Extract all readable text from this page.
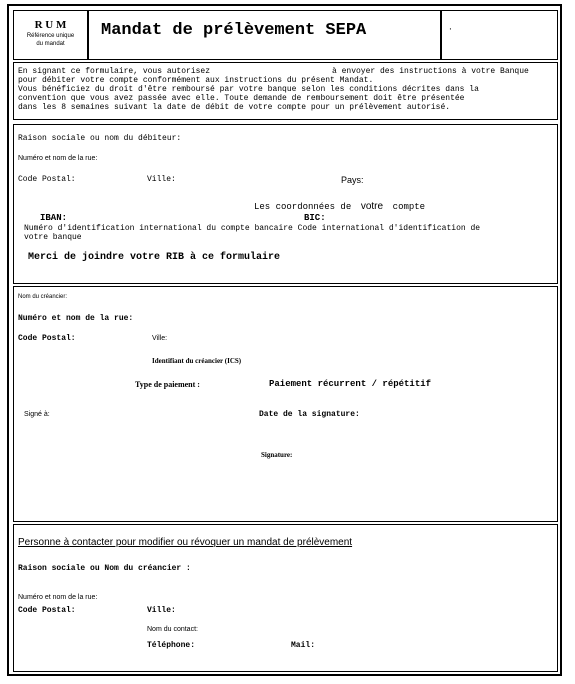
R U M
Référence unique
du mandat
Mandat de prélèvement SEPA	·
En signant ce formulaire, vous autorisez	à envoyer des instructions à votre Banque
pour débiter votre compte conformément aux instructions du présent Mandat.
Vous bénéficiez du droit d'être remboursé par votre banque selon les conditions décrites dans la
convention que vous avez passée avec elle. Toute demande de remboursement doit être présentée
dans les 8 semaines suivant la date de débit de votre compte pour un prélèvement autorisé.
Raison sociale ou nom du débiteur:
Numéro et nom de la rue:
Code Postal:	Ville:	Pays:
Les coordonnées de votre compte
IBAN:	BIC:
Numéro d'identification international du compte bancaire Code international d'identification de
votre banque
Merci de joindre votre RIB à ce formulaire
Nom du créancier:
Numéro et nom de la rue:
Code Postal:	Ville:
Identifiant du créancier (ICS)
Type de paiement :	Paiement récurrent / répétitif
Signé à:	Date de la signature:
Signature:
Personne à contacter pour modifier ou révoquer un mandat de prélèvement
Raison sociale ou Nom du créancier :
Numéro et nom de la rue:
Code Postal:	Ville:
Nom du contact:
Téléphone:	Mail:
